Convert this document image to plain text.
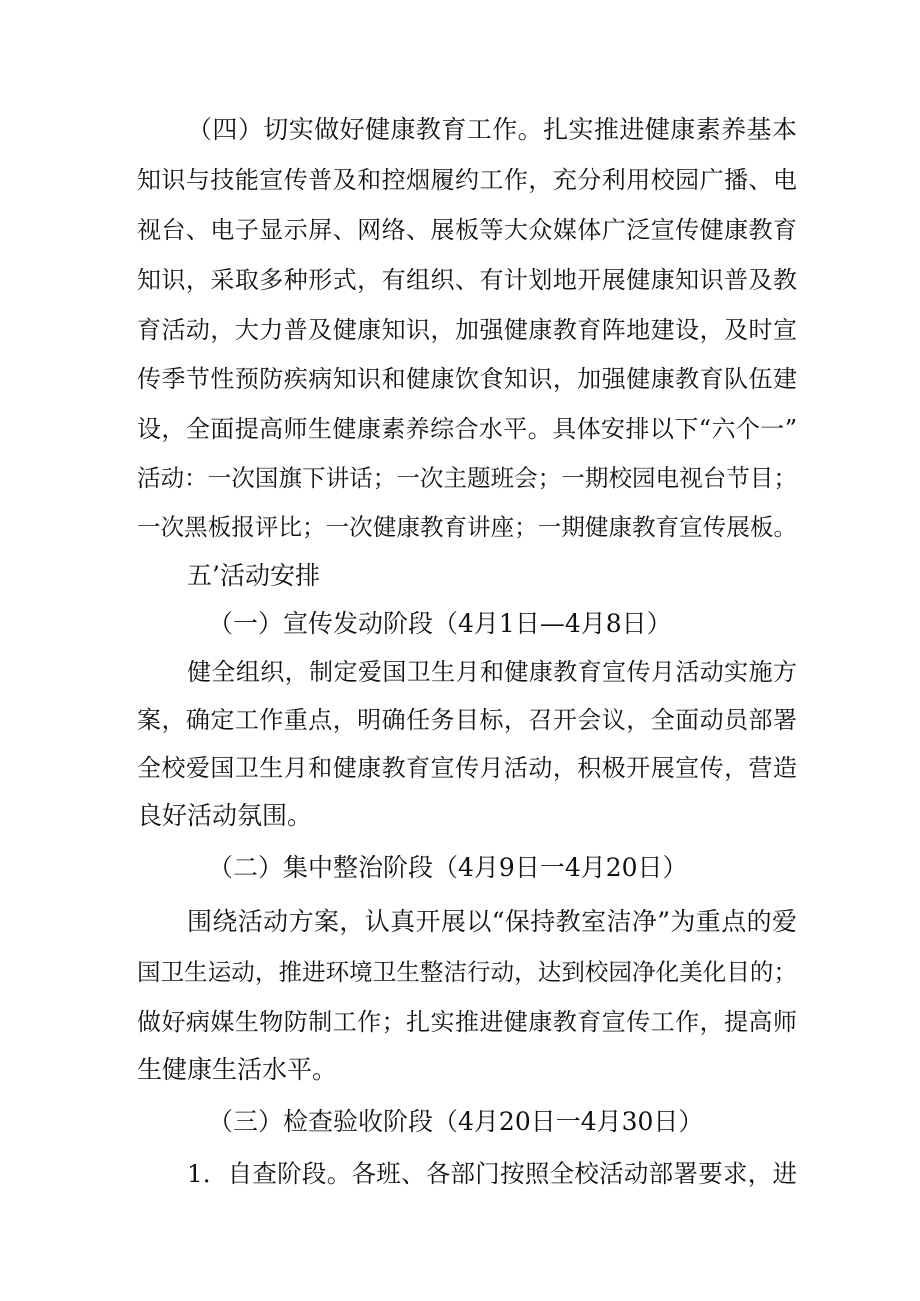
（四）切实做好健康教育工作。扎实推进健康素养基本
知识与技能宣传普及和控烟履约工作，充分利用校园广播、电
视台、电子显示屏、网络、展板等大众媒体广泛宣传健康教育
知识，采取多种形式，有组织、有计划地开展健康知识普及教
育活动，大力普及健康知识，加强健康教育阵地建设，及时宣
传季节性预防疾病知识和健康饮食知识，加强健康教育队伍建
设，全面提高师生健康素养综合水平。具体安排以下“六个一”
活动：一次国旗下讲话；一次主题班会；一期校园电视台节目；
一次黑板报评比；一次健康教育讲座；一期健康教育宣传展板。
五’活动安排
（一）宣传发动阶段（4月1日—4月8日）
健全组织，制定爱国卫生月和健康教育宣传月活动实施方
案，确定工作重点，明确任务目标，召开会议，全面动员部署
全校爱国卫生月和健康教育宣传月活动，积极开展宣传，营造
良好活动氛围。
（二）集中整治阶段（4月9日一4月20日）
围绕活动方案，认真开展以“保持教室洁净”为重点的爱
国卫生运动，推进环境卫生整洁行动，达到校园净化美化目的；
做好病媒生物防制工作；扎实推进健康教育宣传工作，提高师
生健康生活水平。
（三）检查验收阶段（4月20日一4月30日）
1．自查阶段。各班、各部门按照全校活动部署要求，进
